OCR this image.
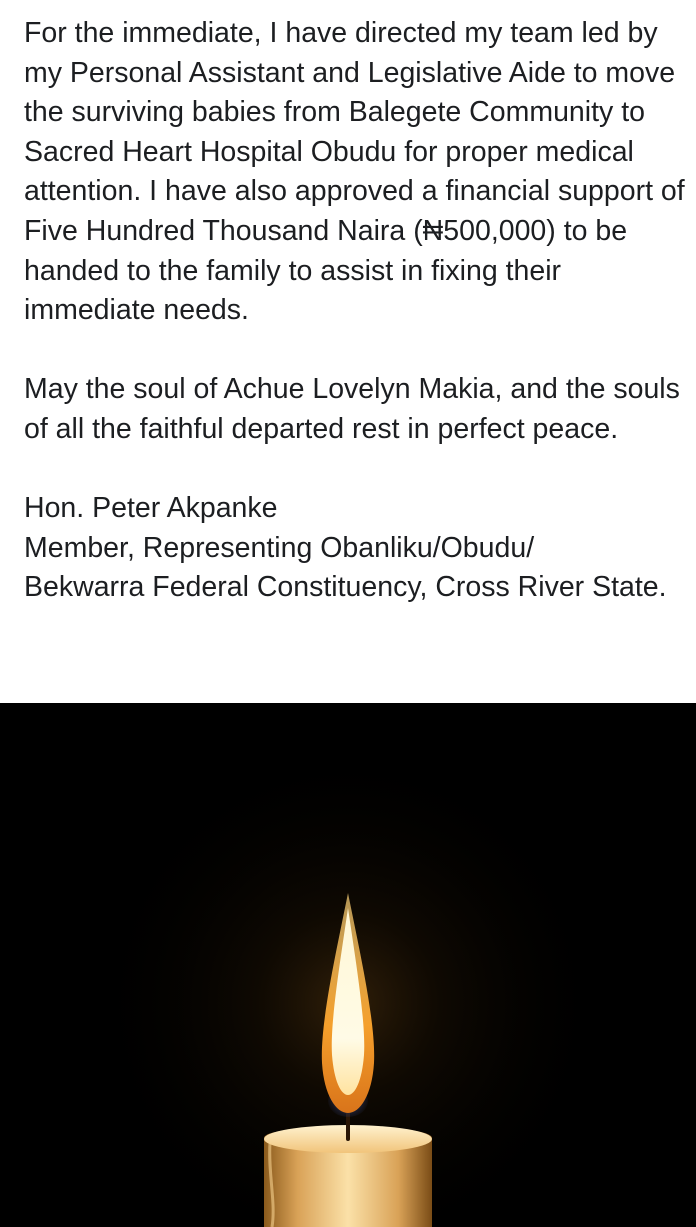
For the immediate, I have directed my team led by my Personal Assistant and Legislative Aide to move the surviving babies from Balegete Community to Sacred Heart Hospital Obudu for proper medical attention. I have also approved a financial support of Five Hundred Thousand Naira (₦500,000) to be handed to the family to assist in fixing their immediate needs.

May the soul of Achue Lovelyn Makia, and the souls of all the faithful departed rest in perfect peace.

Hon. Peter Akpanke

Member, Representing Obanliku/Obudu/
Bekwarra Federal Constituency, Cross River State.
